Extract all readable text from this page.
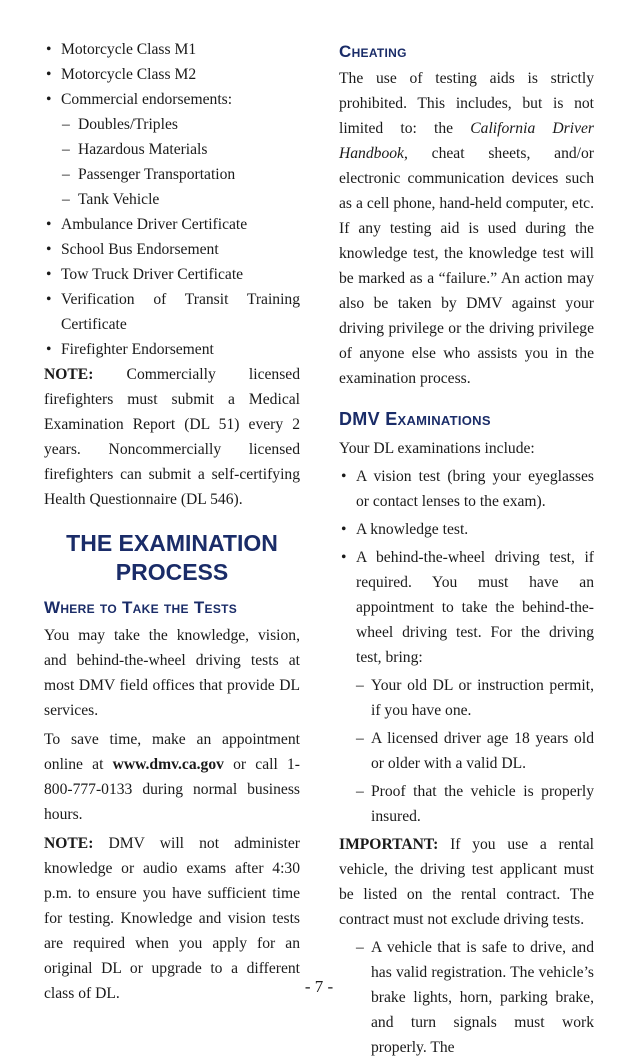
• Motorcycle Class M1
• Motorcycle Class M2
• Commercial endorsements:
– Doubles/Triples
– Hazardous Materials
– Passenger Transportation
– Tank Vehicle
• Ambulance Driver Certificate
• School Bus Endorsement
• Tow Truck Driver Certificate
• Verification of Transit Training Certificate
• Firefighter Endorsement
NOTE: Commercially licensed firefighters must submit a Medical Examination Report (DL 51) every 2 years. Noncommercially licensed firefighters can submit a self-certifying Health Questionnaire (DL 546).
THE EXAMINATION
PROCESS
Where to Take the Tests
You may take the knowledge, vision, and behind-the-wheel driving tests at most DMV field offices that provide DL services.
To save time, make an appointment online at www.dmv.ca.gov or call 1-800-777-0133 during normal business hours.
NOTE: DMV will not administer knowledge or audio exams after 4:30 p.m. to ensure you have sufficient time for testing. Knowledge and vision tests are required when you apply for an original DL or upgrade to a different class of DL.
Cheating
The use of testing aids is strictly prohibited. This includes, but is not limited to: the California Driver Handbook, cheat sheets, and/or electronic communication devices such as a cell phone, hand-held computer, etc. If any testing aid is used during the knowledge test, the knowledge test will be marked as a “failure.” An action may also be taken by DMV against your driving privilege or the driving privilege of anyone else who assists you in the examination process.
DMV Examinations
Your DL examinations include:
• A vision test (bring your eyeglasses or contact lenses to the exam).
• A knowledge test.
• A behind-the-wheel driving test, if required. You must have an appointment to take the behind-the-wheel driving test. For the driving test, bring:
– Your old DL or instruction permit, if you have one.
– A licensed driver age 18 years old or older with a valid DL.
– Proof that the vehicle is properly insured.
IMPORTANT: If you use a rental vehicle, the driving test applicant must be listed on the rental contract. The contract must not exclude driving tests.
– A vehicle that is safe to drive, and has valid registration. The vehicle’s brake lights, horn, parking brake, and turn signals must work properly. The
- 7 -
